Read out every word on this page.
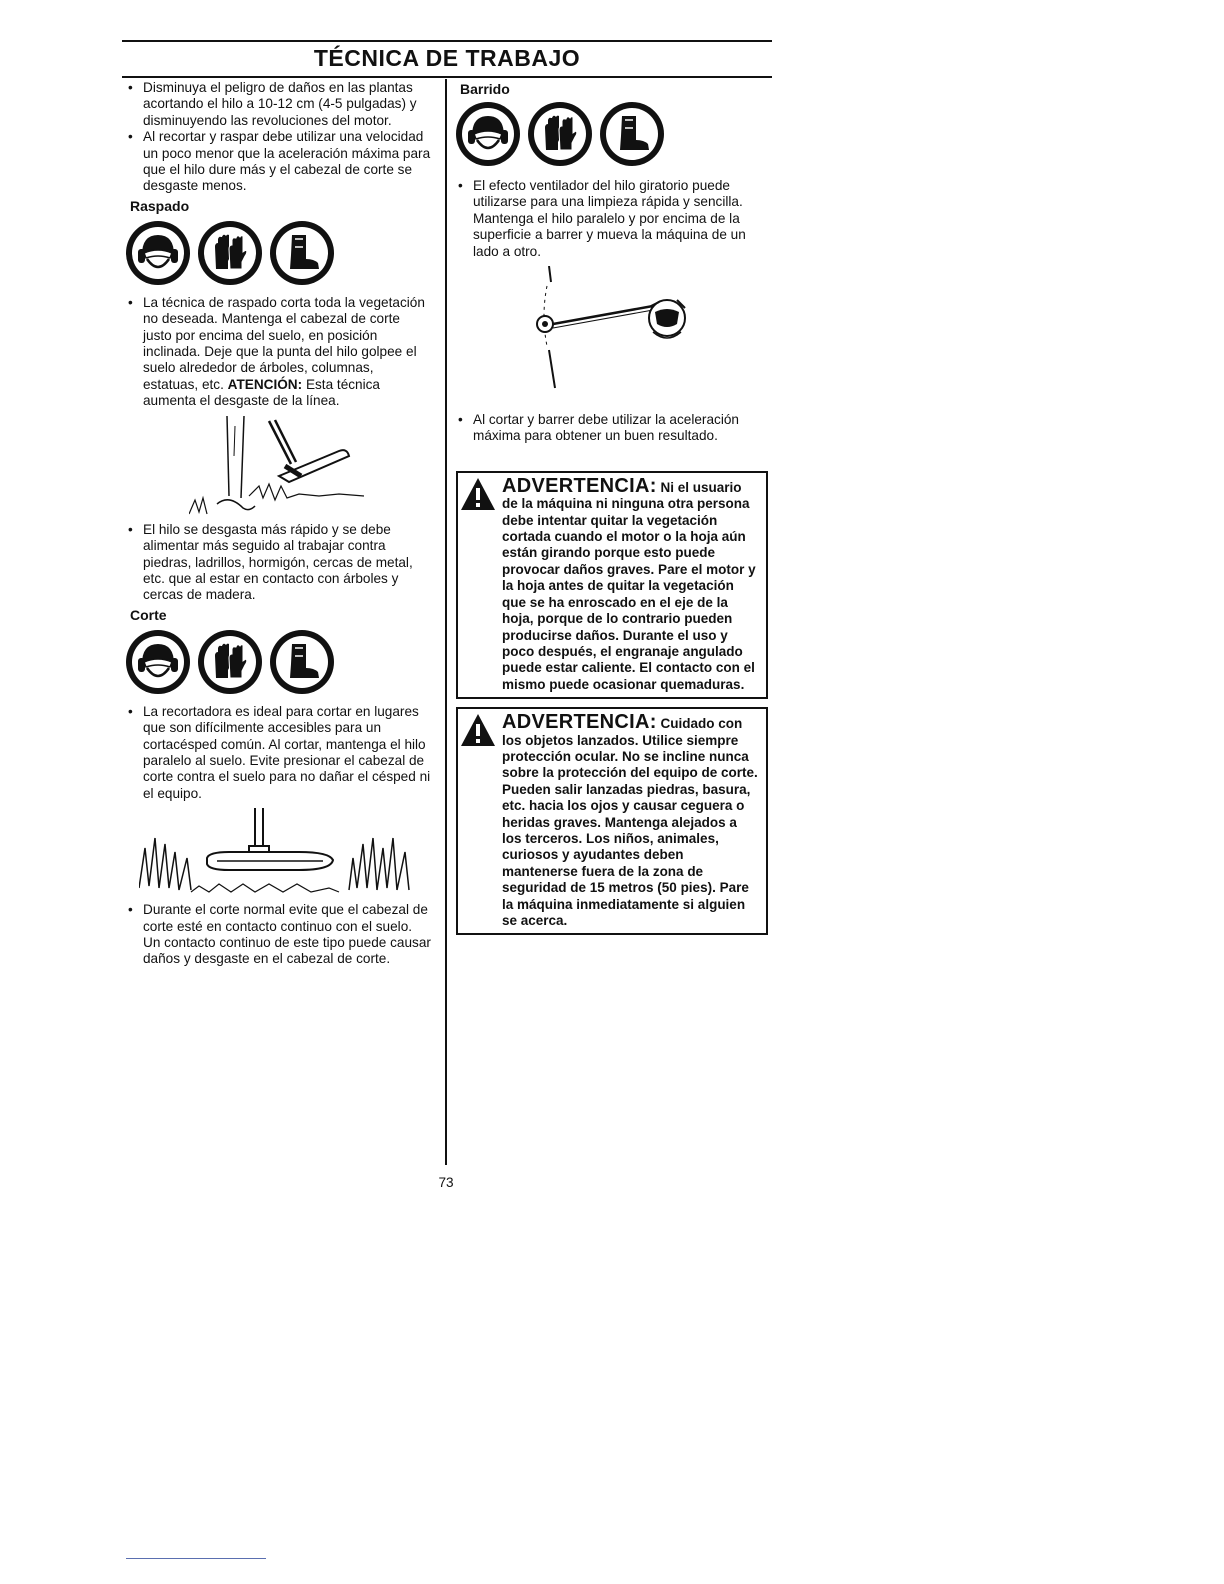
TÉCNICA DE TRABAJO
• Disminuya el peligro de daños en las plantas acortando el hilo a 10-12 cm (4-5 pulgadas) y disminuyendo las revoluciones del motor.
• Al recortar y raspar debe utilizar una velocidad un poco menor que la aceleración máxima para que el hilo dure más y el cabezal de corte se desgaste menos.
Raspado
• La técnica de raspado corta toda la vegetación no deseada. Mantenga el cabezal de corte justo por encima del suelo, en posición inclinada. Deje que la punta del hilo golpee el suelo alrededor de árboles, columnas, estatuas, etc. ATENCIÓN: Esta técnica aumenta el desgaste de la línea.
• El hilo se desgasta más rápido y se debe alimentar más seguido al trabajar contra piedras, ladrillos, hormigón, cercas de metal, etc. que al estar en contacto con árboles y cercas de madera.
Corte
• La recortadora es ideal para cortar en lugares que son difícilmente accesibles para un cortacésped común. Al cortar, mantenga el hilo paralelo al suelo. Evite presionar el cabezal de corte contra el suelo para no dañar el césped ni el equipo.
• Durante el corte normal evite que el cabezal de corte esté en contacto continuo con el suelo. Un contacto continuo de este tipo puede causar daños y desgaste en el cabezal de corte.
Barrido
• El efecto ventilador del hilo giratorio puede utilizarse para una limpieza rápida y sencilla. Mantenga el hilo paralelo y por encima de la superficie a barrer y mueva la máquina de un lado a otro.
• Al cortar y barrer debe utilizar la aceleración máxima para obtener un buen resultado.
ADVERTENCIA: Ni el usuario de la máquina ni ninguna otra persona debe intentar quitar la vegetación cortada cuando el motor o la hoja aún están girando porque esto puede provocar daños graves. Pare el motor y la hoja antes de quitar la vegetación que se ha enroscado en el eje de la hoja, porque de lo contrario pueden producirse daños. Durante el uso y poco después, el engranaje angulado puede estar caliente. El contacto con el mismo puede ocasionar quemaduras.
ADVERTENCIA: Cuidado con los objetos lanzados. Utilice siempre protección ocular. No se incline nunca sobre la protección del equipo de corte. Pueden salir lanzadas piedras, basura, etc. hacia los ojos y causar ceguera o heridas graves. Mantenga alejados a los terceros. Los niños, animales, curiosos y ayudantes deben mantenerse fuera de la zona de seguridad de 15 metros (50 pies). Pare la máquina inmediatamente si alguien se acerca.
73
